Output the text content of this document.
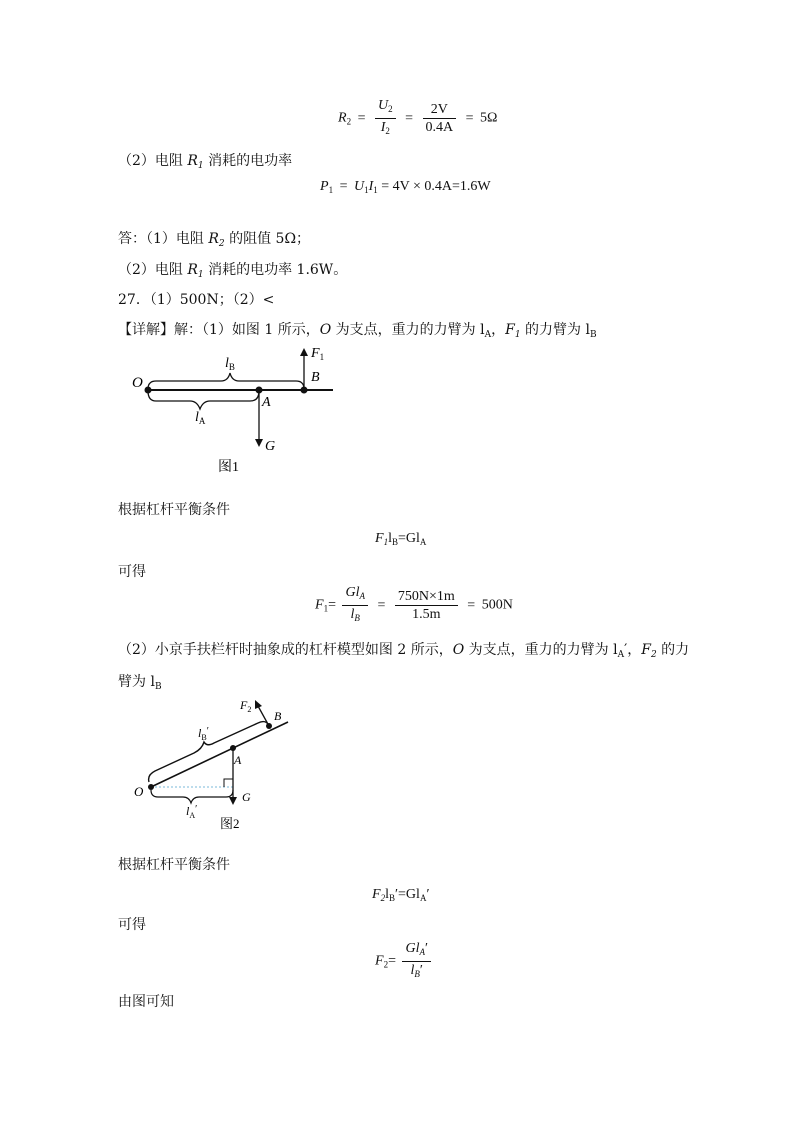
$R_2 = \frac{U_2}{I_2} = \frac{2V}{0.4A} = 5\Omega$
（2）电阻 $R_1$ 消耗的电功率
$P_1 = U_1I_1 = 4V \times 0.4A=1.6W$
答：（1）电阻 $R_2$ 的阻值 5Ω；
（2）电阻 $R_1$ 消耗的电功率 1.6W。
27．（1）500N；（2）<
【详解】解：（1）如图 1 所示，O 为支点，重力的力臂为 $l_A$，$F_1$ 的力臂为 $l_B$
O
$l_B$
$l_A$
A
B
$F_1$
G
图1
根据杠杆平衡条件
$F_1l_B=Gl_A$
可得
$F_1= \frac{Gl_A}{l_B} = \frac{750N\times 1m}{1.5m} = 500N$
（2）小京手扶栏杆时抽象成的杠杆模型如图 2 所示，O 为支点，重力的力臂为 $l_A'$，$F_2$ 的力
臂为 $l_B$
O
$l_B'$
$l_A'$
A
B
$F_2$
G
图2
根据杠杆平衡条件
$F_2l_B'=Gl_A'$
可得
$F_2= \frac{Gl_A'}{l_B'}$
由图可知
